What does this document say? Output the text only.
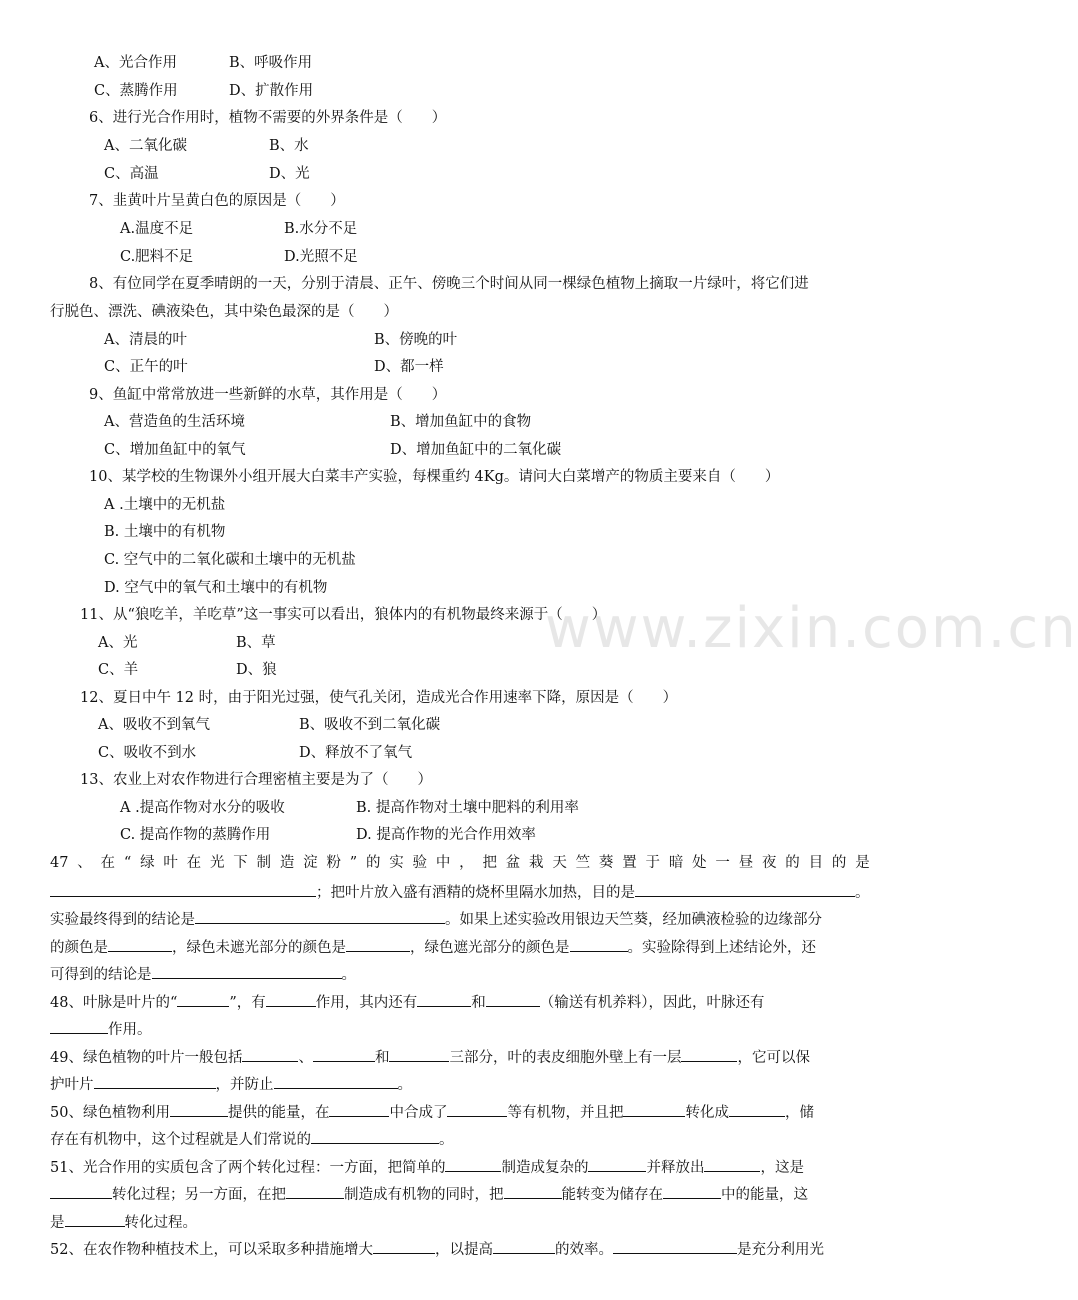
A、光合作用	B、呼吸作用
C、蒸腾作用	D、扩散作用
6、进行光合作用时，植物不需要的外界条件是（　　）
A、二氧化碳	B、水
C、高温	D、光
7、韭黄叶片呈黄白色的原因是（　　）
A.温度不足	B.水分不足
C.肥料不足	D.光照不足
8、有位同学在夏季晴朗的一天，分别于清晨、正午、傍晚三个时间从同一棵绿色植物上摘取一片绿叶，将它们进
行脱色、漂洗、碘液染色，其中染色最深的是（　　）
A、清晨的叶	B、傍晚的叶
C、正午的叶	D、都一样
9、鱼缸中常常放进一些新鲜的水草，其作用是（　　）
A、营造鱼的生活环境	B、增加鱼缸中的食物
C、增加鱼缸中的氧气	D、增加鱼缸中的二氧化碳
10、某学校的生物课外小组开展大白菜丰产实验，每棵重约 4Kg。请问大白菜增产的物质主要来自（　　）
A .土壤中的无机盐
B. 土壤中的有机物
C. 空气中的二氧化碳和土壤中的无机盐
D. 空气中的氧气和土壤中的有机物
11、从“狼吃羊，羊吃草”这一事实可以看出，狼体内的有机物最终来源于（　　）
A、光	B、草
C、羊	D、狼
12、夏日中午 12 时，由于阳光过强，使气孔关闭，造成光合作用速率下降，原因是（　　）
A、吸收不到氧气	B、吸收不到二氧化碳
C、吸收不到水	D、释放不了氧气
13、农业上对农作物进行合理密植主要是为了（　　）
A .提高作物对水分的吸收	B. 提高作物对土壤中肥料的利用率
C. 提高作物的蒸腾作用	D. 提高作物的光合作用效率
47 、 在 “ 绿 叶 在 光 下 制 造 淀 粉 ” 的 实 验 中 ， 把 盆 栽 天 竺 葵 置 于 暗 处 一 昼 夜 的 目 的 是
；把叶片放入盛有酒精的烧杯里隔水加热，目的是	。
实验最终得到的结论是	。如果上述实验改用银边天竺葵，经加碘液检验的边缘部分
的颜色是	，绿色未遮光部分的颜色是	，绿色遮光部分的颜色是	。实验除得到上述结论外，还
可得到的结论是	。
48、叶脉是叶片的“	”，有	作用，其内还有	和	（输送有机养料），因此，叶脉还有
作用。
49、绿色植物的叶片一般包括	、	和	三部分，叶的表皮细胞外壁上有一层	，它可以保
护叶片	，并防止	。
50、绿色植物利用	提供的能量，在	中合成了	等有机物，并且把	转化成	，储
存在有机物中，这个过程就是人们常说的	。
51、光合作用的实质包含了两个转化过程：一方面，把简单的	制造成复杂的	并释放出	，这是
转化过程；另一方面，在把	制造成有机物的同时，把	能转变为储存在	中的能量，这
是	转化过程。
52、在农作物种植技术上，可以采取多种措施增大	，以提高	的效率。	是充分利用光
www.zixin.com.cn
